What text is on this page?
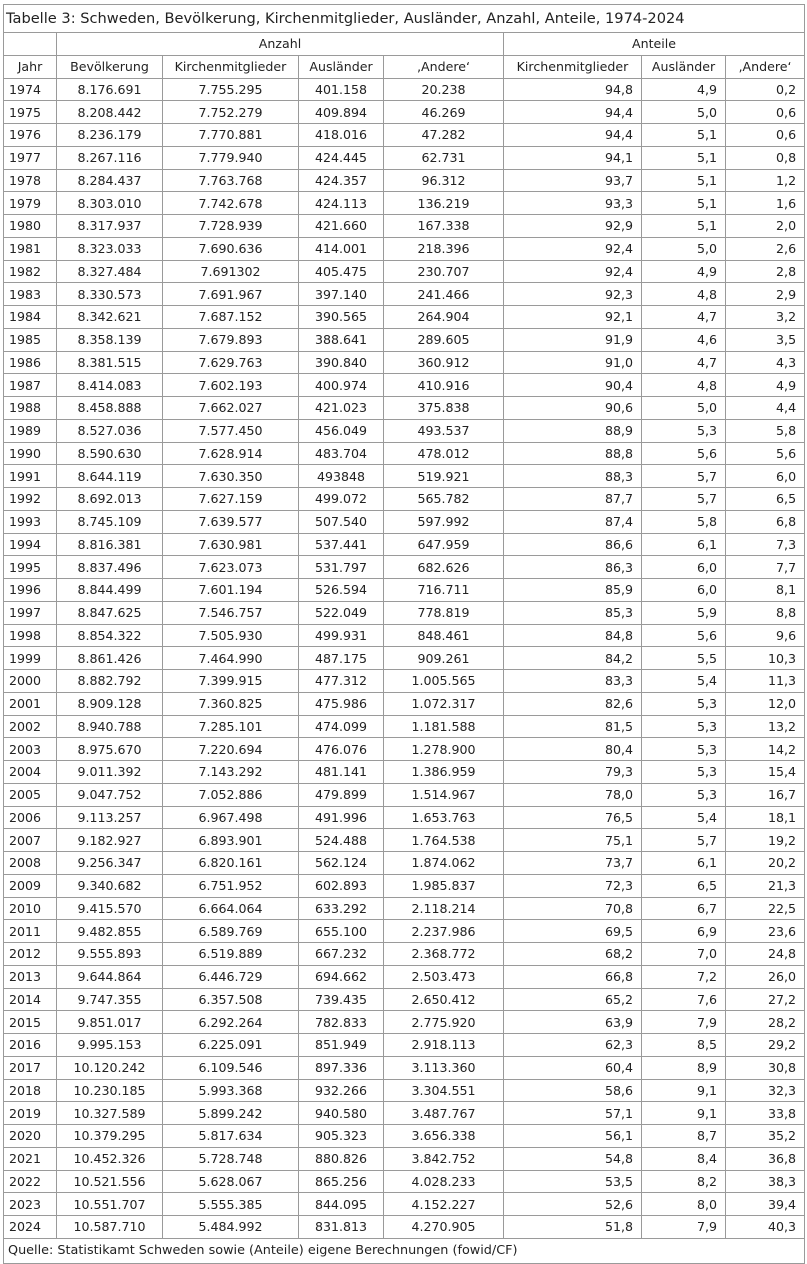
Tabelle 3: Schweden, Bevölkerung, Kirchenmitglieder, Ausländer, Anzahl, Anteile, 1974-2024							
	Anzahl				Anteile		
Jahr	Bevölkerung	Kirchenmitglieder	Ausländer	‚Andere‘	Kirchenmitglieder	Ausländer	‚Andere‘
1974	8.176.691	7.755.295	401.158	20.238	94,8	4,9	0,2
1975	8.208.442	7.752.279	409.894	46.269	94,4	5,0	0,6
1976	8.236.179	7.770.881	418.016	47.282	94,4	5,1	0,6
1977	8.267.116	7.779.940	424.445	62.731	94,1	5,1	0,8
1978	8.284.437	7.763.768	424.357	96.312	93,7	5,1	1,2
1979	8.303.010	7.742.678	424.113	136.219	93,3	5,1	1,6
1980	8.317.937	7.728.939	421.660	167.338	92,9	5,1	2,0
1981	8.323.033	7.690.636	414.001	218.396	92,4	5,0	2,6
1982	8.327.484	7.691302	405.475	230.707	92,4	4,9	2,8
1983	8.330.573	7.691.967	397.140	241.466	92,3	4,8	2,9
1984	8.342.621	7.687.152	390.565	264.904	92,1	4,7	3,2
1985	8.358.139	7.679.893	388.641	289.605	91,9	4,6	3,5
1986	8.381.515	7.629.763	390.840	360.912	91,0	4,7	4,3
1987	8.414.083	7.602.193	400.974	410.916	90,4	4,8	4,9
1988	8.458.888	7.662.027	421.023	375.838	90,6	5,0	4,4
1989	8.527.036	7.577.450	456.049	493.537	88,9	5,3	5,8
1990	8.590.630	7.628.914	483.704	478.012	88,8	5,6	5,6
1991	8.644.119	7.630.350	493848	519.921	88,3	5,7	6,0
1992	8.692.013	7.627.159	499.072	565.782	87,7	5,7	6,5
1993	8.745.109	7.639.577	507.540	597.992	87,4	5,8	6,8
1994	8.816.381	7.630.981	537.441	647.959	86,6	6,1	7,3
1995	8.837.496	7.623.073	531.797	682.626	86,3	6,0	7,7
1996	8.844.499	7.601.194	526.594	716.711	85,9	6,0	8,1
1997	8.847.625	7.546.757	522.049	778.819	85,3	5,9	8,8
1998	8.854.322	7.505.930	499.931	848.461	84,8	5,6	9,6
1999	8.861.426	7.464.990	487.175	909.261	84,2	5,5	10,3
2000	8.882.792	7.399.915	477.312	1.005.565	83,3	5,4	11,3
2001	8.909.128	7.360.825	475.986	1.072.317	82,6	5,3	12,0
2002	8.940.788	7.285.101	474.099	1.181.588	81,5	5,3	13,2
2003	8.975.670	7.220.694	476.076	1.278.900	80,4	5,3	14,2
2004	9.011.392	7.143.292	481.141	1.386.959	79,3	5,3	15,4
2005	9.047.752	7.052.886	479.899	1.514.967	78,0	5,3	16,7
2006	9.113.257	6.967.498	491.996	1.653.763	76,5	5,4	18,1
2007	9.182.927	6.893.901	524.488	1.764.538	75,1	5,7	19,2
2008	9.256.347	6.820.161	562.124	1.874.062	73,7	6,1	20,2
2009	9.340.682	6.751.952	602.893	1.985.837	72,3	6,5	21,3
2010	9.415.570	6.664.064	633.292	2.118.214	70,8	6,7	22,5
2011	9.482.855	6.589.769	655.100	2.237.986	69,5	6,9	23,6
2012	9.555.893	6.519.889	667.232	2.368.772	68,2	7,0	24,8
2013	9.644.864	6.446.729	694.662	2.503.473	66,8	7,2	26,0
2014	9.747.355	6.357.508	739.435	2.650.412	65,2	7,6	27,2
2015	9.851.017	6.292.264	782.833	2.775.920	63,9	7,9	28,2
2016	9.995.153	6.225.091	851.949	2.918.113	62,3	8,5	29,2
2017	10.120.242	6.109.546	897.336	3.113.360	60,4	8,9	30,8
2018	10.230.185	5.993.368	932.266	3.304.551	58,6	9,1	32,3
2019	10.327.589	5.899.242	940.580	3.487.767	57,1	9,1	33,8
2020	10.379.295	5.817.634	905.323	3.656.338	56,1	8,7	35,2
2021	10.452.326	5.728.748	880.826	3.842.752	54,8	8,4	36,8
2022	10.521.556	5.628.067	865.256	4.028.233	53,5	8,2	38,3
2023	10.551.707	5.555.385	844.095	4.152.227	52,6	8,0	39,4
2024	10.587.710	5.484.992	831.813	4.270.905	51,8	7,9	40,3
Quelle: Statistikamt Schweden sowie (Anteile) eigene Berechnungen (fowid/CF)							
